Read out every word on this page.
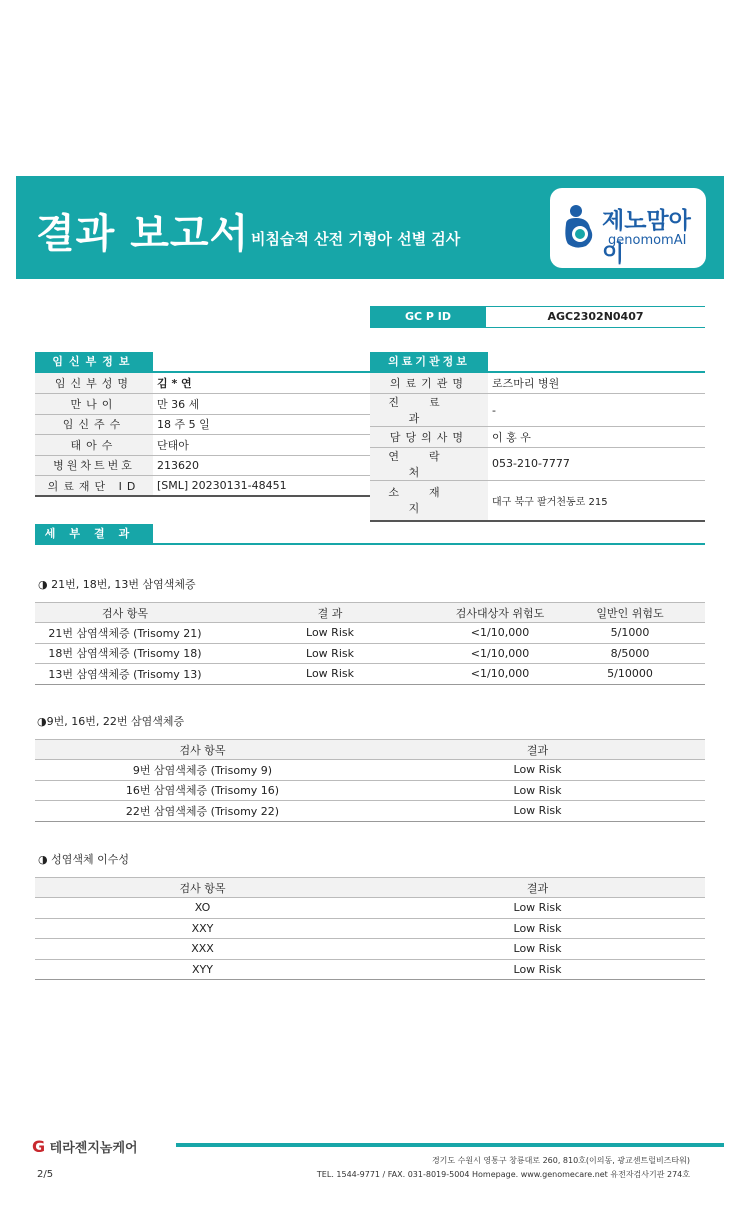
결과 보고서 비침습적 산전 기형아 선별 검사
제노맘아이
genomomAI
GC P ID	AGC2302N0407
임신부정보
임신부성명	김 * 연
만나이	만 36 세
임신주수	18 주 5 일
태아수	단태아
병원차트번호	213620
의료재단 ID	[SML] 20230131-48451
의료기관정보
의료기관명	로즈마리 병원
진료과	-
담당의사명	이 홍 우
연락처	053-210-7777
소재지	대구 북구 팔거천동로 215
세부결과
◑ 21번, 18번, 13번 삼염색체증
검사 항목	결 과	검사대상자 위험도	일반인 위험도
21번 삼염색체증 (Trisomy 21)	Low Risk	<1/10,000	5/1000
18번 삼염색체증 (Trisomy 18)	Low Risk	<1/10,000	8/5000
13번 삼염색체증 (Trisomy 13)	Low Risk	<1/10,000	5/10000
◑9번, 16번, 22번 삼염색체증
검사 항목	결과
9번 삼염색체증 (Trisomy 9)	Low Risk
16번 삼염색체증 (Trisomy 16)	Low Risk
22번 삼염색체증 (Trisomy 22)	Low Risk
◑ 성염색체 이수성
검사 항목	결과
XO	Low Risk
XXY	Low Risk
XXX	Low Risk
XYY	Low Risk
G 테라젠지놈케어
경기도 수원시 영통구 창룡대로 260, 810호(이의동, 광교센트럴비즈타워)
TEL. 1544-9771 / FAX. 031-8019-5004 Homepage. www.genomecare.net 유전자검사기관 274호
2/5
